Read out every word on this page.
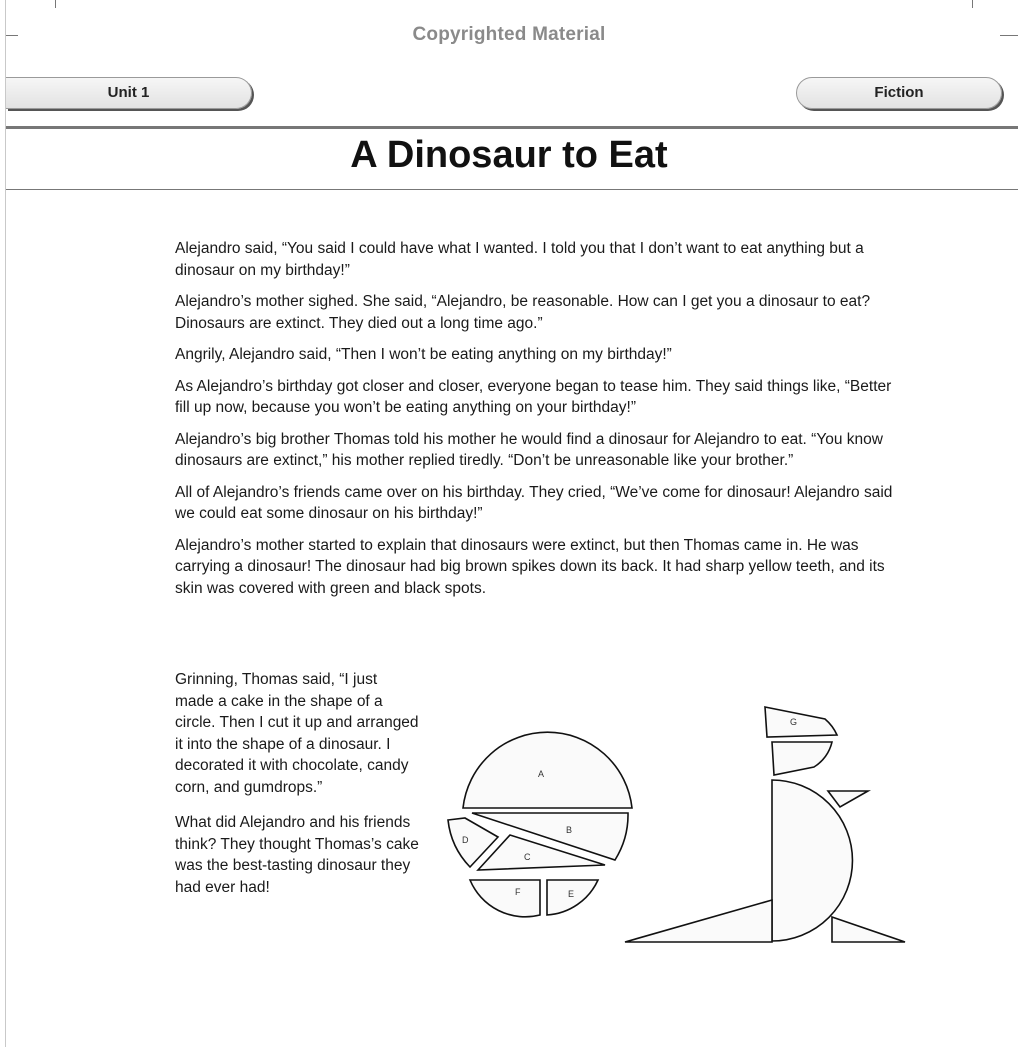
Copyrighted Material
Unit 1	Fiction
A Dinosaur to Eat

Alejandro said, “You said I could have what I wanted. I told you that I don’t want to eat anything but a dinosaur on my birthday!”

Alejandro’s mother sighed. She said, “Alejandro, be reasonable. How can I get you a dinosaur to eat? Dinosaurs are extinct. They died out a long time ago.”

Angrily, Alejandro said, “Then I won’t be eating anything on my birthday!”

As Alejandro’s birthday got closer and closer, everyone began to tease him. They said things like, “Better fill up now, because you won’t be eating anything on your birthday!”

Alejandro’s big brother Thomas told his mother he would find a dinosaur for Alejandro to eat. “You know dinosaurs are extinct,” his mother replied tiredly. “Don’t be unreasonable like your brother.”

All of Alejandro’s friends came over on his birthday. They cried, “We’ve come for dinosaur! Alejandro said we could eat some dinosaur on his birthday!”

Alejandro’s mother started to explain that dinosaurs were extinct, but then Thomas came in. He was carrying a dinosaur! The dinosaur had big brown spikes down its back. It had sharp yellow teeth, and its skin was covered with green and black spots.

Grinning, Thomas said, “I just made a cake in the shape of a circle. Then I cut it up and arranged it into the shape of a dinosaur. I decorated it with chocolate, candy corn, and gumdrops.”

What did Alejandro and his friends think? They thought Thomas’s cake was the best-tasting dinosaur they had ever had!

A
B
C
D
E
F
G
